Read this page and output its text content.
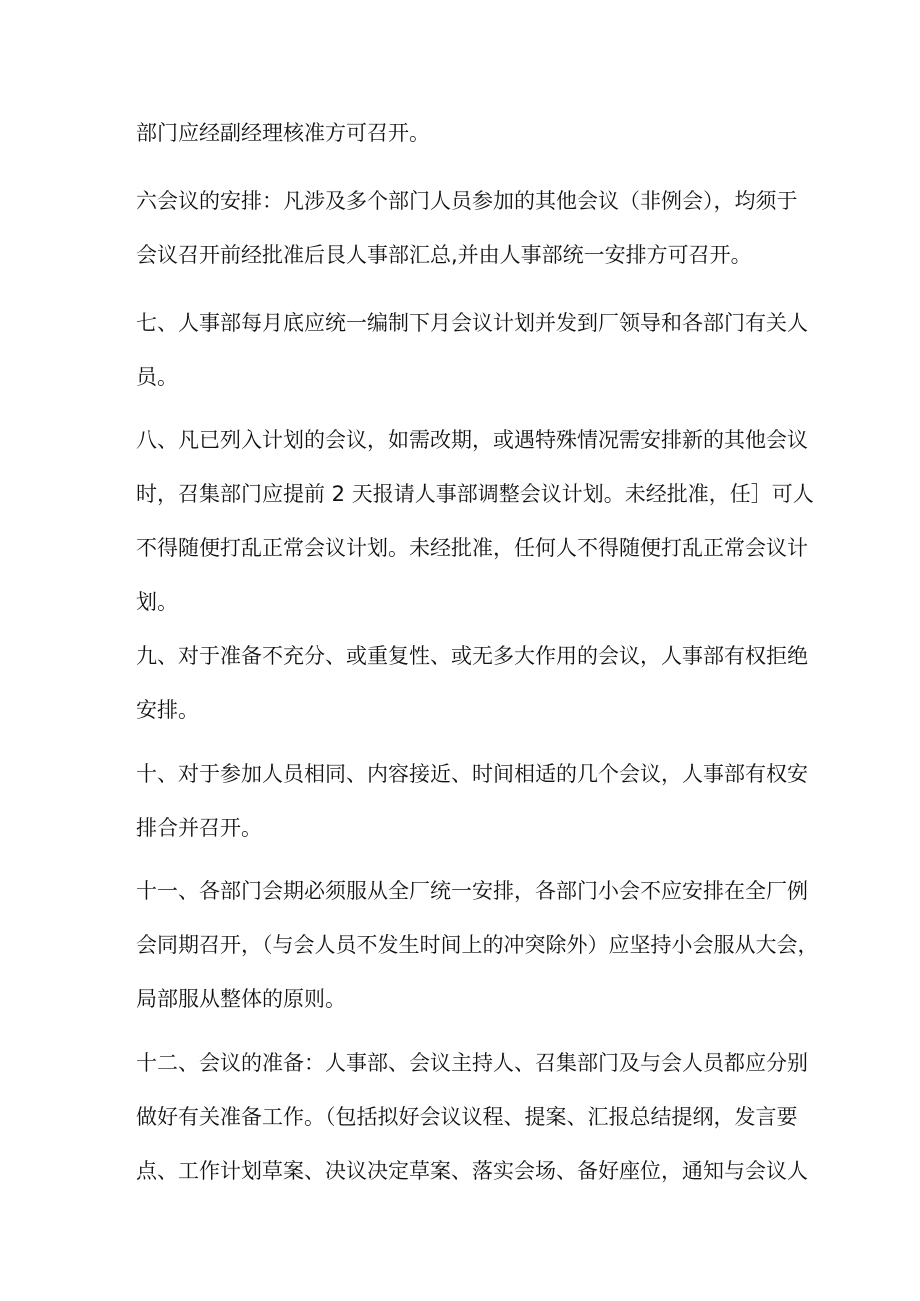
部门应经副经理核准方可召开。

六会议的安排：凡涉及多个部门人员参加的其他会议（非例会），均须于
会议召开前经批准后艮人事部汇总,并由人事部统一安排方可召开。

七、人事部每月底应统一编制下月会议计划并发到厂领导和各部门有关人
员。

八、凡已列入计划的会议，如需改期，或遇特殊情况需安排新的其他会议
时，召集部门应提前 2 天报请人事部调整会议计划。未经批准，任］可人
不得随便打乱正常会议计划。未经批准，任何人不得随便打乱正常会议计
划。

九、对于准备不充分、或重复性、或无多大作用的会议，人事部有权拒绝
安排。

十、对于参加人员相同、内容接近、时间相适的几个会议，人事部有权安
排合并召开。

十一、各部门会期必须服从全厂统一安排，各部门小会不应安排在全厂例
会同期召开，（与会人员不发生时间上的冲突除外）应坚持小会服从大会，
局部服从整体的原则。

十二、会议的准备：人事部、会议主持人、召集部门及与会人员都应分别
做好有关准备工作。（包括拟好会议议程、提案、汇报总结提纲，发言要
点、工作计划草案、决议决定草案、落实会场、备好座位，通知与会议人
